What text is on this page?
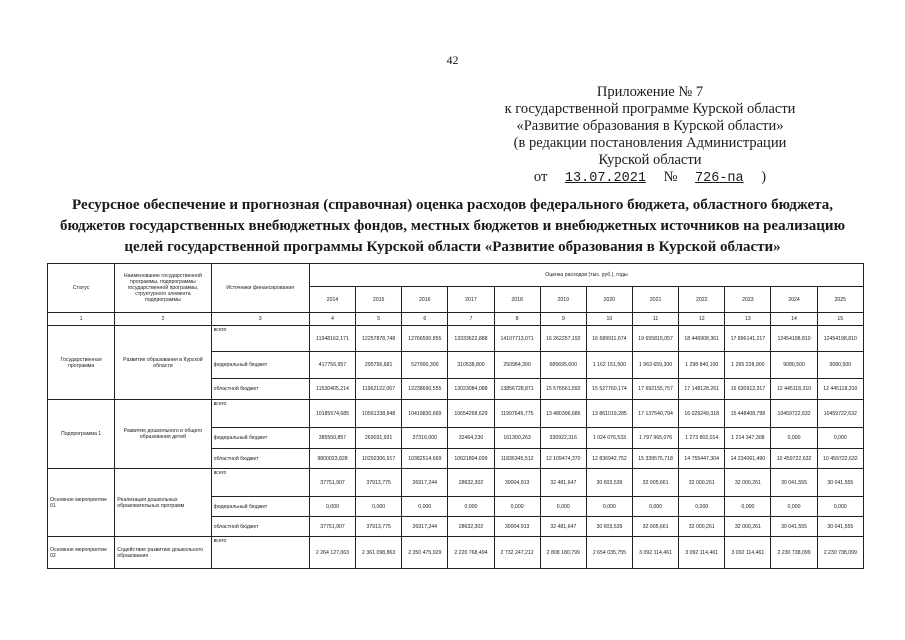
42
Приложение № 7
к государственной программе Курской области
«Развитие образования в Курской области»
(в редакции постановления Администрации
Курской области
от 13.07.2021 № 726-па )
Ресурсное обеспечение и прогнозная (справочная) оценка расходов федерального бюджета, областного бюджета, бюджетов государственных внебюджетных фондов, местных бюджетов и внебюджетных источников на реализацию целей государственной программы Курской области «Развитие образования в Курской области»
Статус	Наименование государственной программы, подпрограммы государственной программы, структурного элемента подпрограммы	Источники финансирования	Оценка расходов (тыс. руб.), годы											
			2014	2015	2016	2017	2018	2019	2020	2021	2022	2023	2024	2025
1	2	3	4	5	6	7	8	9	10	11	12	13	14	15
Государственная программа	Развитие образования в Курской области	всего	11948162,171	12257878,748	12766590,855	13333622,888	14107713,071	16 262257,192	16 689911,674	19 655815,057	18 446908,361	17 896141,217	12454198,810	12454198,810
		федеральный бюджет	417756,957	295756,681	527900,300	310538,800	250984,300	685695,600	1 162 151,500	1 963 659,300	1 298 840,100	1 265 228,900	9080,500	9080,500
		областной бюджет	11530405,214	11962122,067	12238690,555	13023084,088	13856728,871	15 576561,592	15 527760,174	17 692155,757	17 148128,261	16 630912,317	12 445118,310	12 445118,310
Подпрограмма 1	Развитие дошкольного и общего образования детей	всего	10185574,685	10561338,848	10419830,669	10654268,629	11997645,775	13 480396,686	13 861019,285	17 137540,794	16 029249,318	15 448408,798	10459722,632	10459722,632
		федеральный бюджет	385550,857	269031,931	37316,000	32464,230	161300,263	330922,316	1 024 076,533	1 797 965,076	1 273 802,014	1 214 347,308	0,000	0,000
		областной бюджет	9800023,828	10292306,917	10382514,669	10621804,699	11836345,512	12 109474,370	12 836942,752	15 339575,718	14 755447,304	14 234061,490	10 459722,632	10 459722,632
Основное мероприятие 01	Реализация дошкольных образовательных программ	всего	37751,907	37913,775	26917,244	28632,302	30004,913	32 481,647	30 603,539	32 005,661	32 000,261	32 000,261	30 041,555	30 041,555
		федеральный бюджет	0,000	0,000	0,000	0,000	0,000	0,000	0,000	0,000	0,000	0,000	0,000	0,000
		областной бюджет	37751,907	37913,775	26917,244	28632,302	30004,913	32 481,647	30 603,539	32 005,661	32 000,261	32 000,261	30 041,555	30 041,555
Основное мероприятие 02	Содействие развитию дошкольного образования	всего	2 264 127,063	2 361 098,863	2 350 475,929	2 220 768,494	2 732 247,212	2 808 180,799	2 654 035,755	3 092 114,461	3 092 114,461	3 092 114,461	2 230 738,099	2 230 738,099
